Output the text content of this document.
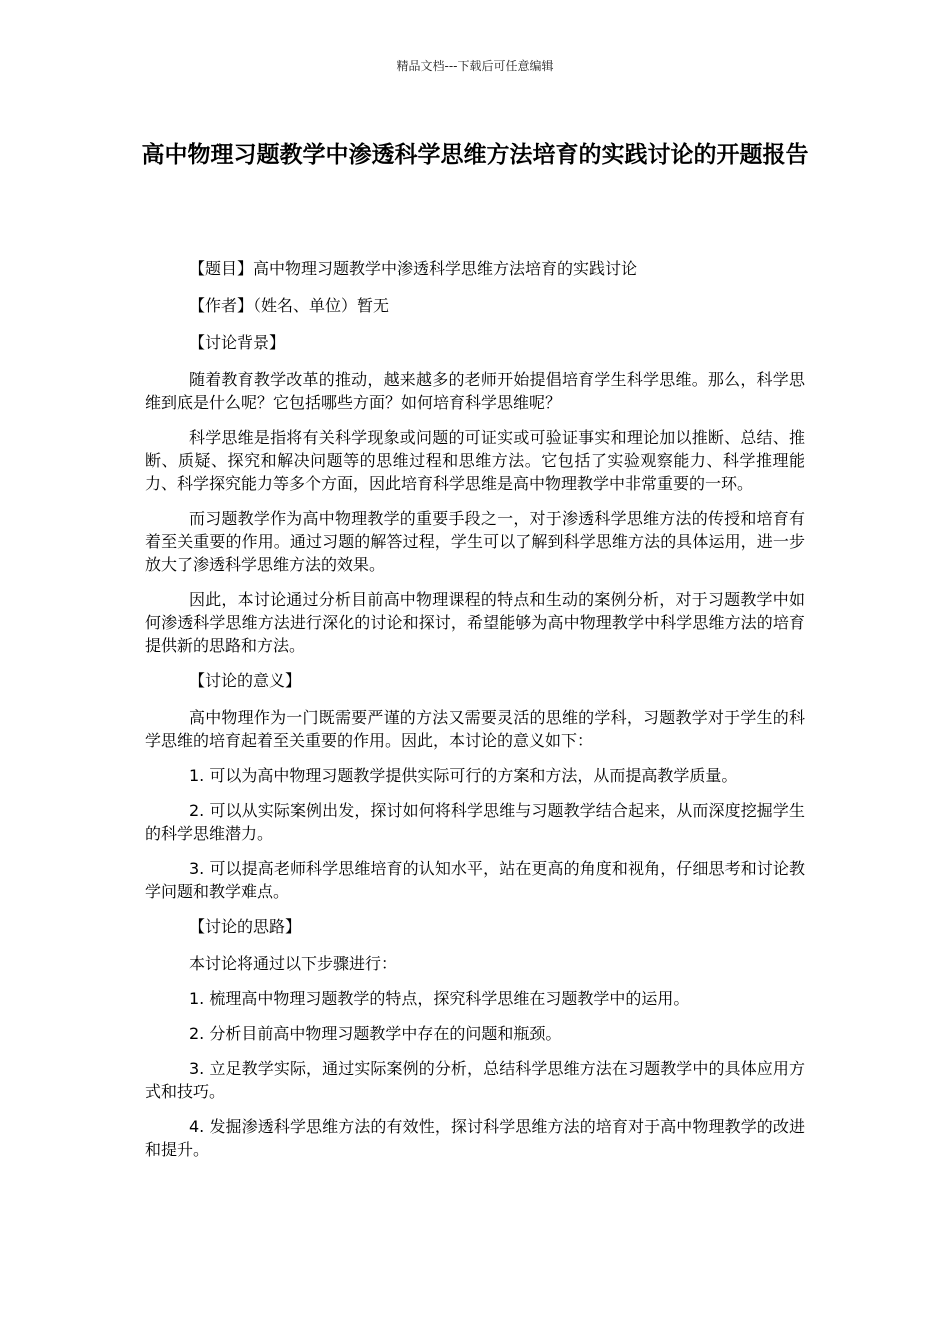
精品文档---下载后可任意编辑
高中物理习题教学中渗透科学思维方法培育的实践讨论的开题报告

【题目】高中物理习题教学中渗透科学思维方法培育的实践讨论

【作者】（姓名、单位）暂无

【讨论背景】

随着教育教学改革的推动，越来越多的老师开始提倡培育学生科学思维。那么，科学思维到底是什么呢？它包括哪些方面？如何培育科学思维呢？

科学思维是指将有关科学现象或问题的可证实或可验证事实和理论加以推断、总结、推断、质疑、探究和解决问题等的思维过程和思维方法。它包括了实验观察能力、科学推理能力、科学探究能力等多个方面，因此培育科学思维是高中物理教学中非常重要的一环。

而习题教学作为高中物理教学的重要手段之一，对于渗透科学思维方法的传授和培育有着至关重要的作用。通过习题的解答过程，学生可以了解到科学思维方法的具体运用，进一步放大了渗透科学思维方法的效果。

因此，本讨论通过分析目前高中物理课程的特点和生动的案例分析，对于习题教学中如何渗透科学思维方法进行深化的讨论和探讨，希望能够为高中物理教学中科学思维方法的培育提供新的思路和方法。

【讨论的意义】

高中物理作为一门既需要严谨的方法又需要灵活的思维的学科，习题教学对于学生的科学思维的培育起着至关重要的作用。因此，本讨论的意义如下：

1. 可以为高中物理习题教学提供实际可行的方案和方法，从而提高教学质量。

2. 可以从实际案例出发，探讨如何将科学思维与习题教学结合起来，从而深度挖掘学生的科学思维潜力。

3. 可以提高老师科学思维培育的认知水平，站在更高的角度和视角，仔细思考和讨论教学问题和教学难点。

【讨论的思路】

本讨论将通过以下步骤进行：

1. 梳理高中物理习题教学的特点，探究科学思维在习题教学中的运用。

2. 分析目前高中物理习题教学中存在的问题和瓶颈。

3. 立足教学实际，通过实际案例的分析，总结科学思维方法在习题教学中的具体应用方式和技巧。

4. 发掘渗透科学思维方法的有效性，探讨科学思维方法的培育对于高中物理教学的改进和提升。
